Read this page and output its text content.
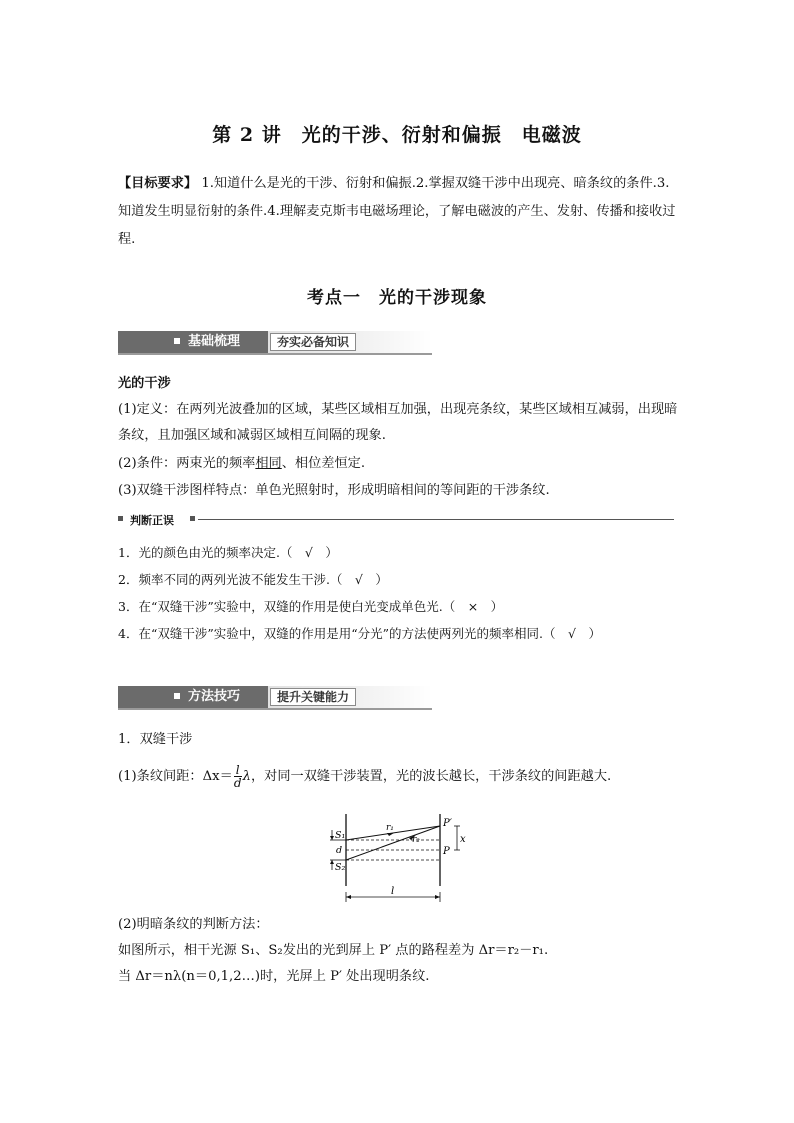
第 2 讲　光的干涉、衍射和偏振　电磁波
【目标要求】 1.知道什么是光的干涉、衍射和偏振.2.掌握双缝干涉中出现亮、暗条纹的条件.3.知道发生明显衍射的条件.4.理解麦克斯韦电磁场理论，了解电磁波的产生、发射、传播和接收过程.
考点一　光的干涉现象
基础梳理	夯实必备知识
光的干涉
(1)定义：在两列光波叠加的区域，某些区域相互加强，出现亮条纹，某些区域相互减弱，出现暗条纹，且加强区域和减弱区域相互间隔的现象.
(2)条件：两束光的频率相同、相位差恒定.
(3)双缝干涉图样特点：单色光照射时，形成明暗相间的等间距的干涉条纹.
判断正误
1．光的颜色由光的频率决定.（　√　）
2．频率不同的两列光波不能发生干涉.（　√　）
3．在“双缝干涉”实验中，双缝的作用是使白光变成单色光.（　×　）
4．在“双缝干涉”实验中，双缝的作用是用“分光”的方法使两列光的频率相同.（　√　）
方法技巧	提升关键能力
1．双缝干涉
(1)条纹间距：$\Delta x= \frac{l}{d}$ λ，对同一双缝干涉装置，光的波长越长，干涉条纹的间距越大.
S₁
d
S₂
r₁
r₂
P′
P
x
l
(2)明暗条纹的判断方法：
如图所示，相干光源 S₁、S₂发出的光到屏上 P′ 点的路程差为 Δr＝r₂－r₁.
当 Δr＝nλ(n＝0,1,2…)时，光屏上 P′ 处出现明条纹.
